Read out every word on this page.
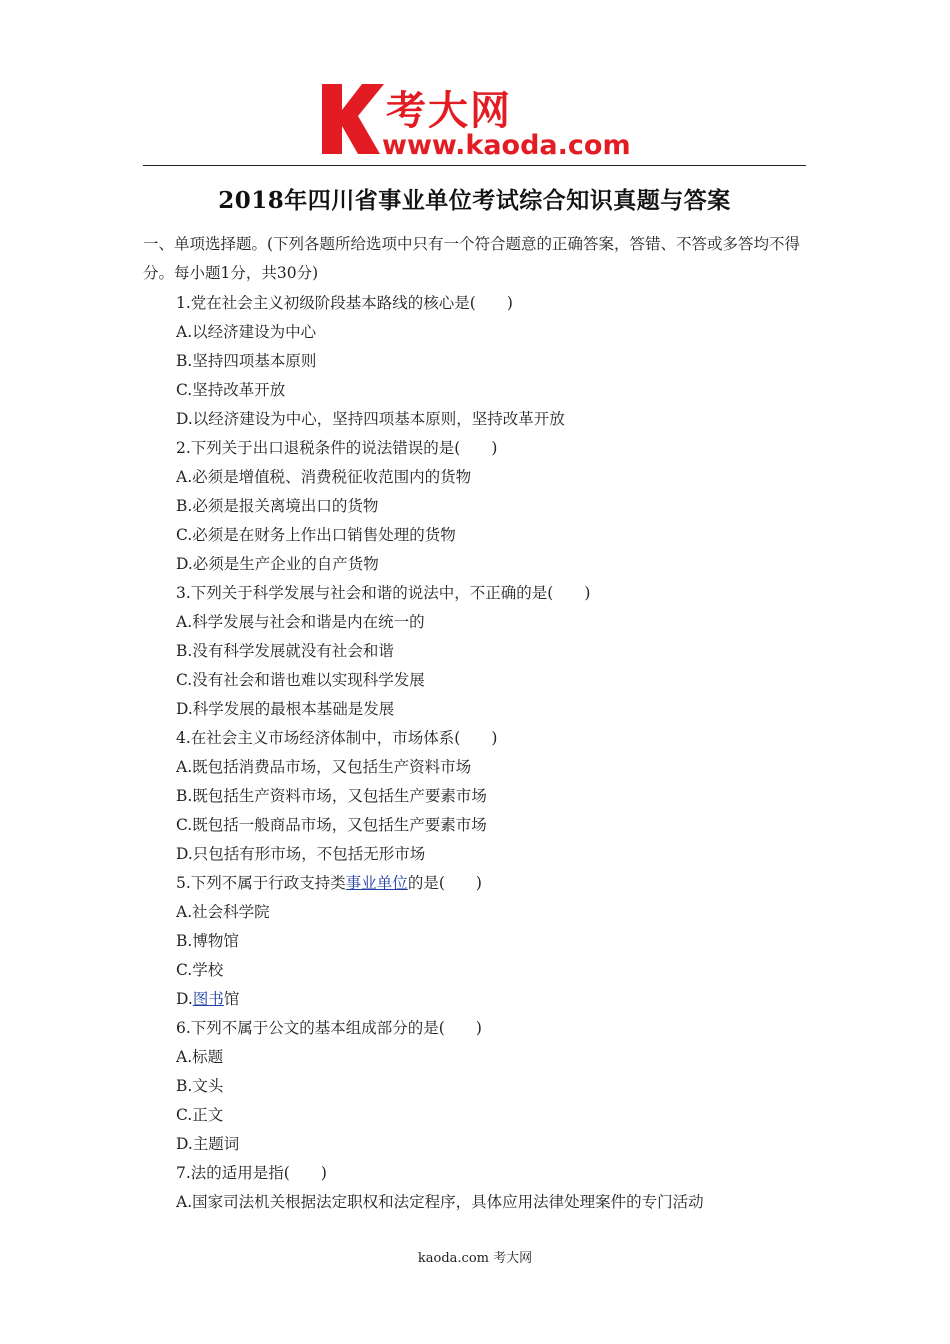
考大网
www.kaoda.com
2018年四川省事业单位考试综合知识真题与答案
一、单项选择题。(下列各题所给选项中只有一个符合题意的正确答案，答错、不答或多答均不得分。每小题1分，共30分)
1.党在社会主义初级阶段基本路线的核心是(　　)
A.以经济建设为中心
B.坚持四项基本原则
C.坚持改革开放
D.以经济建设为中心，坚持四项基本原则，坚持改革开放
2.下列关于出口退税条件的说法错误的是(　　)
A.必须是增值税、消费税征收范围内的货物
B.必须是报关离境出口的货物
C.必须是在财务上作出口销售处理的货物
D.必须是生产企业的自产货物
3.下列关于科学发展与社会和谐的说法中，不正确的是(　　)
A.科学发展与社会和谐是内在统一的
B.没有科学发展就没有社会和谐
C.没有社会和谐也难以实现科学发展
D.科学发展的最根本基础是发展
4.在社会主义市场经济体制中，市场体系(　　)
A.既包括消费品市场，又包括生产资料市场
B.既包括生产资料市场，又包括生产要素市场
C.既包括一般商品市场，又包括生产要素市场
D.只包括有形市场，不包括无形市场
5.下列不属于行政支持类事业单位的是(　　)
A.社会科学院
B.博物馆
C.学校
D.图书馆
6.下列不属于公文的基本组成部分的是(　　)
A.标题
B.文头
C.正文
D.主题词
7.法的适用是指(　　)
A.国家司法机关根据法定职权和法定程序，具体应用法律处理案件的专门活动
kaoda.com 考大网
